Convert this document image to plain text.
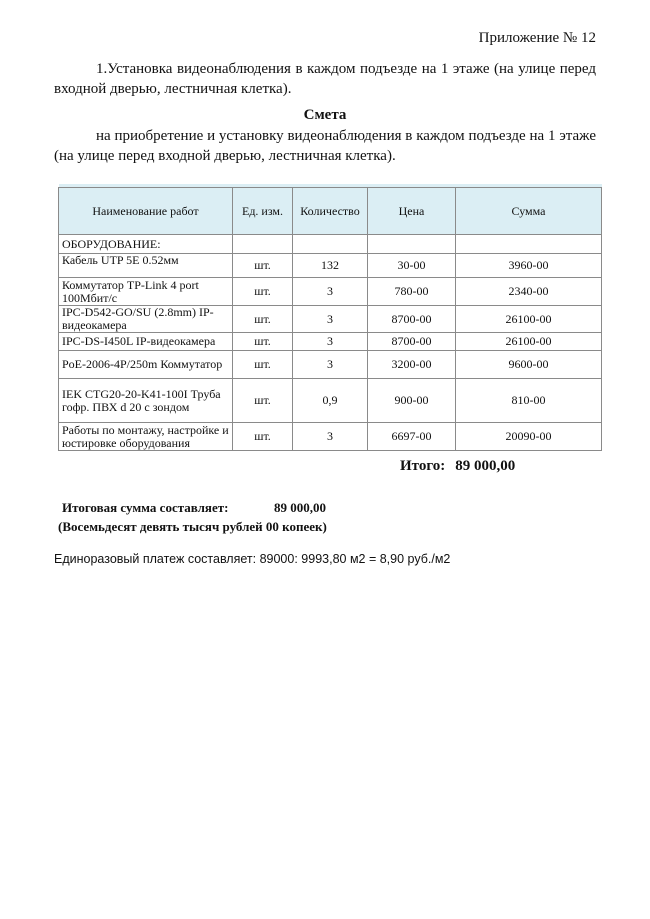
Приложение № 12
1.Установка видеонаблюдения в каждом подъезде на 1 этаже (на улице перед входной дверью, лестничная клетка).
Смета
на приобретение и установку видеонаблюдения в каждом подъезде на 1 этаже (на улице перед входной дверью, лестничная клетка).

Наименование работ	Ед. изм.	Количество	Цена	Сумма
ОБОРУДОВАНИЕ:				
Кабель UTP 5E 0.52мм	шт.	132	30-00	3960-00
Коммутатор TP-Link 4 port 100Мбит/с	шт.	3	780-00	2340-00
IPC-D542-GO/SU (2.8mm) IP-видеокамера	шт.	3	8700-00	26100-00
IPC-DS-I450L IP-видеокамера	шт.	3	8700-00	26100-00
PoE-2006-4P/250m Коммутатор	шт.	3	3200-00	9600-00
IEK CTG20-20-K41-100I Труба гофр. ПВХ d 20 с зондом	шт.	0,9	900-00	810-00
Работы по монтажу, настройке и юстировке оборудования	шт.	3	6697-00	20090-00
Итого: 89 000,00
Итоговая сумма составляет:	89 000,00
(Восемьдесят девять тысяч рублей 00 копеек)
Единоразовый платеж составляет: 89000: 9993,80 м2 = 8,90 руб./м2
